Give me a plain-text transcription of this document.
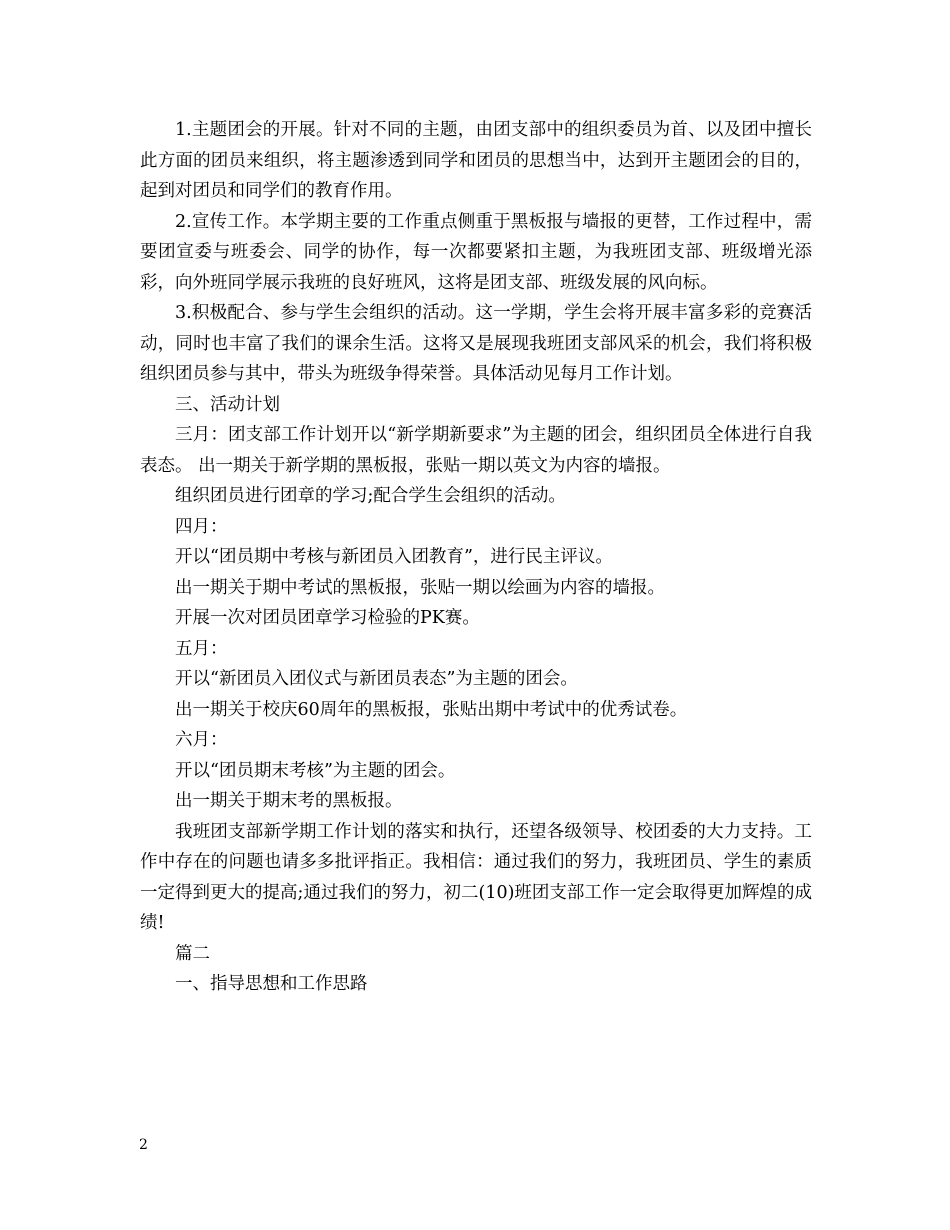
1.主题团会的开展。针对不同的主题，由团支部中的组织委员为首、以及团中擅长此方面的团员来组织，将主题渗透到同学和团员的思想当中，达到开主题团会的目的，起到对团员和同学们的教育作用。

2.宣传工作。本学期主要的工作重点侧重于黑板报与墙报的更替，工作过程中，需要团宣委与班委会、同学的协作，每一次都要紧扣主题，为我班团支部、班级增光添彩，向外班同学展示我班的良好班风，这将是团支部、班级发展的风向标。

3.积极配合、参与学生会组织的活动。这一学期，学生会将开展丰富多彩的竞赛活动，同时也丰富了我们的课余生活。这将又是展现我班团支部风采的机会，我们将积极组织团员参与其中，带头为班级争得荣誉。具体活动见每月工作计划。

三、活动计划

三月：团支部工作计划开以“新学期新要求”为主题的团会，组织团员全体进行自我表态。 出一期关于新学期的黑板报，张贴一期以英文为内容的墙报。

组织团员进行团章的学习;配合学生会组织的活动。

四月：

开以“团员期中考核与新团员入团教育”，进行民主评议。

出一期关于期中考试的黑板报，张贴一期以绘画为内容的墙报。

开展一次对团员团章学习检验的PK赛。

五月：

开以“新团员入团仪式与新团员表态”为主题的团会。

出一期关于校庆60周年的黑板报，张贴出期中考试中的优秀试卷。

六月：

开以“团员期末考核”为主题的团会。

出一期关于期末考的黑板报。

我班团支部新学期工作计划的落实和执行，还望各级领导、校团委的大力支持。工作中存在的问题也请多多批评指正。我相信：通过我们的努力，我班团员、学生的素质一定得到更大的提高;通过我们的努力，初二(10)班团支部工作一定会取得更加辉煌的成绩!

篇二

一、指导思想和工作思路

2
